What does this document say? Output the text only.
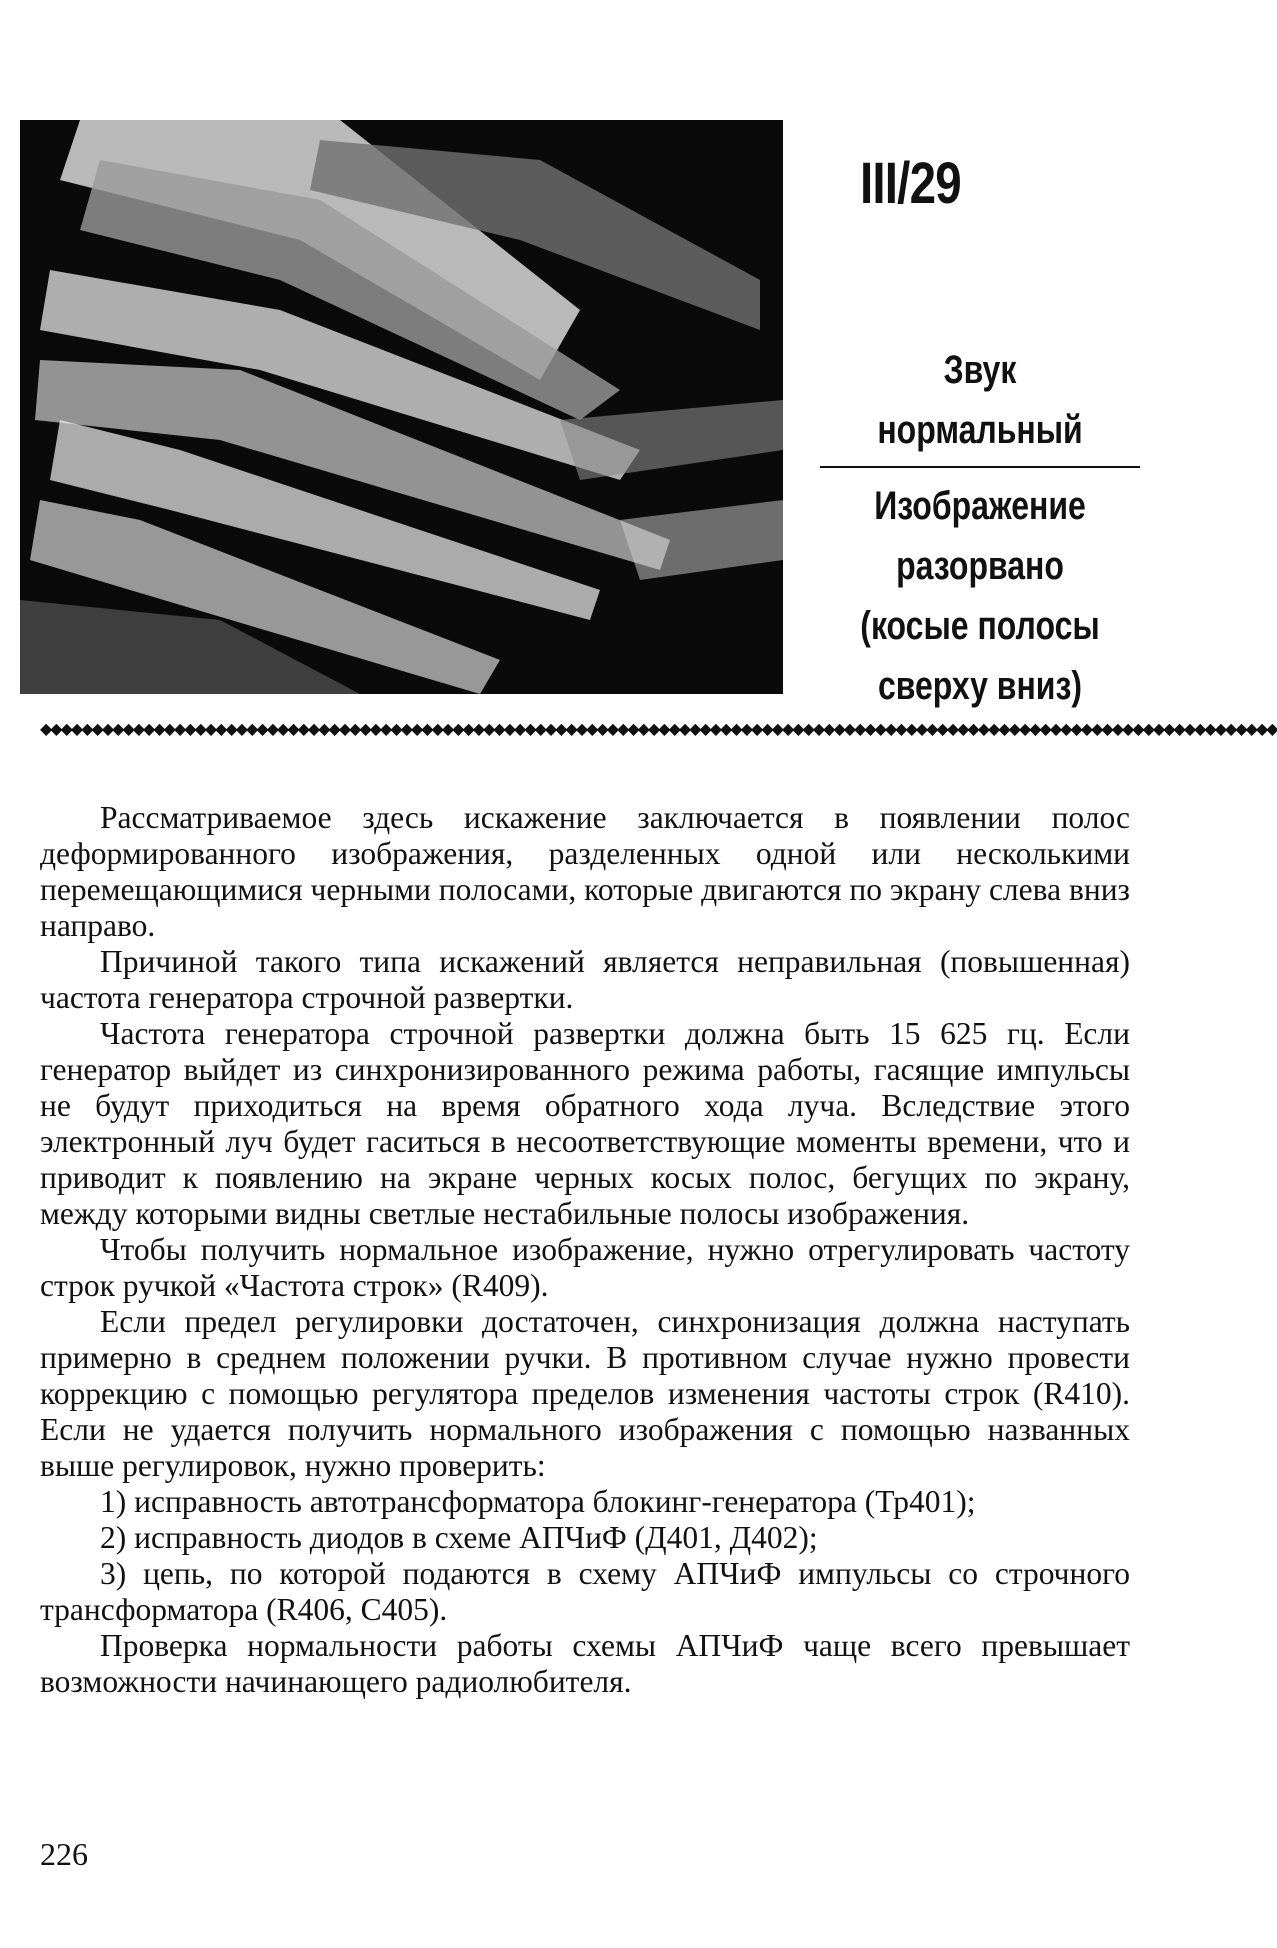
III/29
Звук нормальный
Изображение
разорвано
(косые полосы
сверху вниз)
◆◆◆◆◆◆◆◆◆◆◆◆◆◆◆◆◆◆◆◆◆◆◆◆◆◆◆◆◆◆◆◆◆◆◆◆◆◆◆◆◆◆◆◆◆◆◆◆◆◆◆◆◆◆◆◆◆◆◆◆◆◆◆◆◆◆◆◆◆◆◆◆◆◆◆◆◆◆◆◆◆◆◆◆◆◆◆◆◆◆◆◆◆◆◆◆◆◆◆◆◆◆◆◆◆◆◆◆◆◆◆◆◆◆◆◆◆◆◆◆

Рассматриваемое здесь искажение заключается в появлении полос деформированного изображения, разделенных одной или несколькими перемещающимися черными полосами, которые двигаются по экрану слева вниз направо.

Причиной такого типа искажений является неправильная (повышенная) частота генератора строчной развертки.

Частота генератора строчной развертки должна быть 15 625 гц. Если генератор выйдет из синхронизированного режима работы, гасящие импульсы не будут приходиться на время обратного хода луча. Вследствие этого электронный луч будет гаситься в несоответствующие моменты времени, что и приводит к появлению на экране черных косых полос, бегущих по экрану, между которыми видны светлые нестабильные полосы изображения.

Чтобы получить нормальное изображение, нужно отрегулировать частоту строк ручкой «Частота строк» (R409).

Если предел регулировки достаточен, синхронизация должна наступать примерно в среднем положении ручки. В противном случае нужно провести коррекцию с помощью регулятора пределов изменения частоты строк (R410). Если не удается получить нормального изображения с помощью названных выше регулировок, нужно проверить:

1) исправность автотрансформатора блокинг-генератора (Тр401);

2) исправность диодов в схеме АПЧиФ (Д401, Д402);

3) цепь, по которой подаются в схему АПЧиФ импульсы со строчного трансформатора (R406, С405).

Проверка нормальности работы схемы АПЧиФ чаще всего превышает возможности начинающего радиолюбителя.

226
